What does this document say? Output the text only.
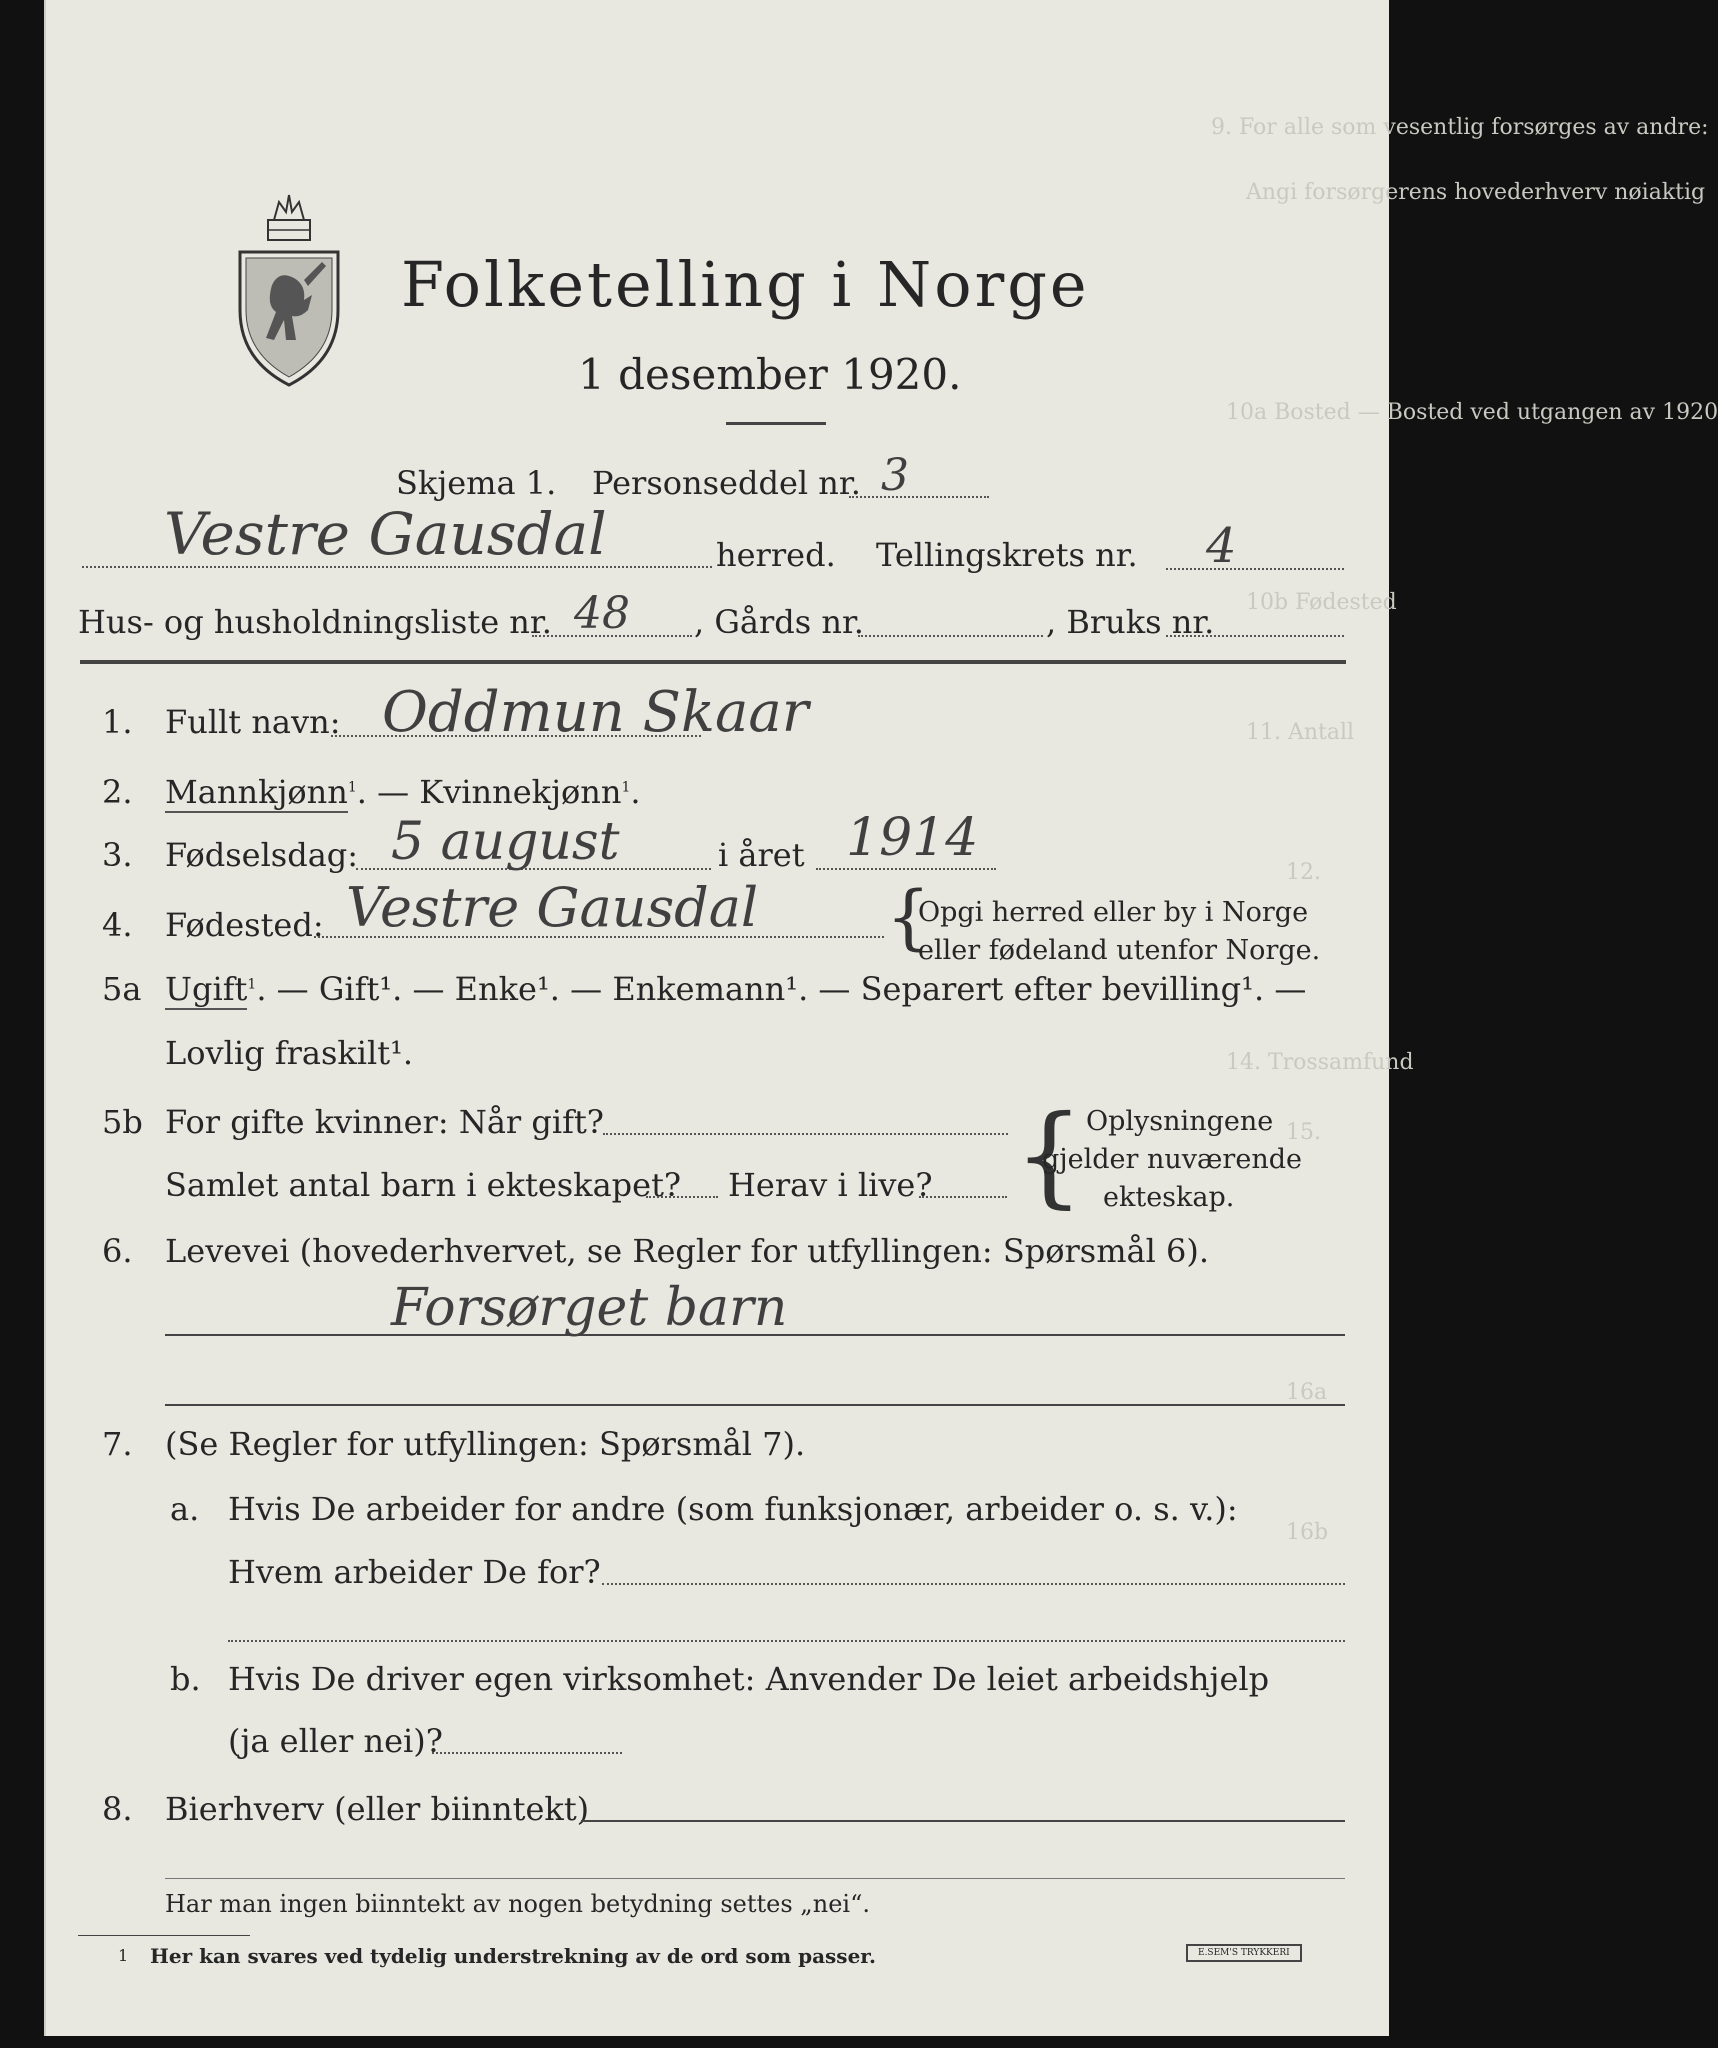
9. For alle som vesentlig forsørges av andre:
Angi forsørgerens hovederhverv nøiaktig
10a Bosted — Bosted ved utgangen av 1920
10b Fødested
11. Antall
12.
14. Trossamfund
15.
16a
16b
Folketelling i Norge
1 desember 1920.
Skjema 1. Personseddel nr. 3
Vestre Gausdal	herred. Tellingskrets nr. 4
Hus- og husholdningsliste nr. 48 , Gårds nr.	, Bruks nr.
1. Fullt navn: Oddmun Skaar
2. Mannkjønn$^1$. — Kvinnekjønn$^1$.
3. Fødselsdag: 5 august	i året 1914
4. Fødested: Vestre Gausdal {
Opgi herred eller by i Norge
eller fødeland utenfor Norge.
5a Ugift$^1$. — Gift¹. — Enke¹. — Enkemann¹. — Separert efter bevilling¹. —
Lovlig fraskilt¹.
5b For gifte kvinner: Når gift?
Samlet antal barn i ekteskapet? Herav i live? { Oplysningene
gjelder nuværende
ekteskap.
6. Levevei (hovederhvervet, se Regler for utfyllingen: Spørsmål 6).
Forsørget barn
7. (Se Regler for utfyllingen: Spørsmål 7).
a. Hvis De arbeider for andre (som funksjonær, arbeider o. s. v.):
Hvem arbeider De for?
b. Hvis De driver egen virksomhet: Anvender De leiet arbeidshjelp
(ja eller nei)?
8. Bierhverv (eller biinntekt)
Har man ingen biinntekt av nogen betydning settes „nei“.
1 Her kan svares ved tydelig understrekning av de ord som passer.	E.SEM'S TRYKKERI
